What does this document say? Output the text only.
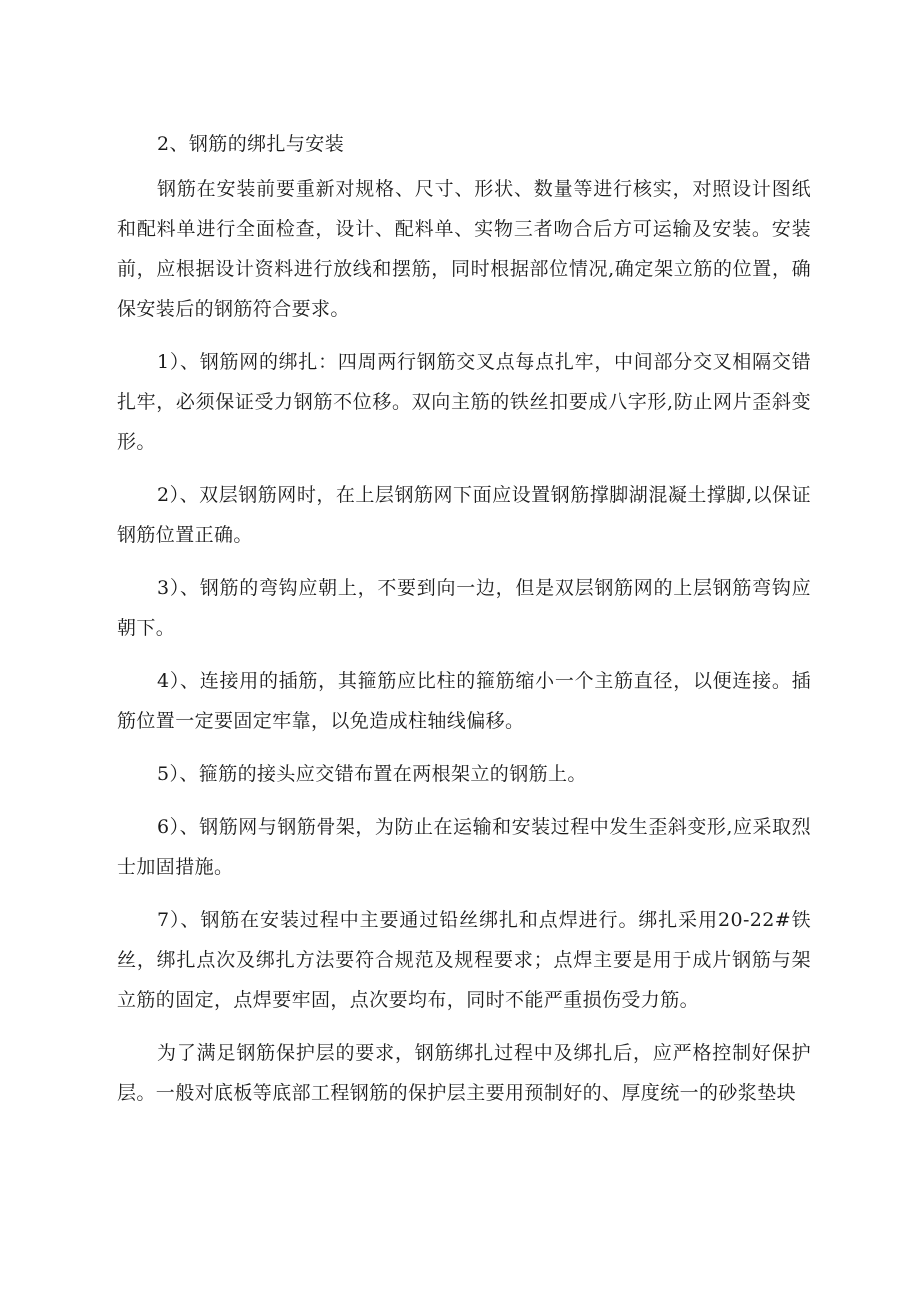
2、钢筋的绑扎与安装

钢筋在安装前要重新对规格、尺寸、形状、数量等进行核实，对照设计图纸和配料单进行全面检查，设计、配料单、实物三者吻合后方可运输及安装。安装前，应根据设计资料进行放线和摆筋，同时根据部位情况,确定架立筋的位置，确保安装后的钢筋符合要求。

1）、钢筋网的绑扎：四周两行钢筋交叉点每点扎牢，中间部分交叉相隔交错扎牢，必须保证受力钢筋不位移。双向主筋的铁丝扣要成八字形,防止网片歪斜变形。

2）、双层钢筋网时，在上层钢筋网下面应设置钢筋撑脚湖混凝土撑脚,以保证钢筋位置正确。

3）、钢筋的弯钩应朝上，不要到向一边，但是双层钢筋网的上层钢筋弯钩应朝下。

4）、连接用的插筋，其箍筋应比柱的箍筋缩小一个主筋直径，以便连接。插筋位置一定要固定牢靠，以免造成柱轴线偏移。

5）、箍筋的接头应交错布置在两根架立的钢筋上。

6）、钢筋网与钢筋骨架，为防止在运输和安装过程中发生歪斜变形,应采取烈士加固措施。

7）、钢筋在安装过程中主要通过铅丝绑扎和点焊进行。绑扎采用20-22#铁丝，绑扎点次及绑扎方法要符合规范及规程要求；点焊主要是用于成片钢筋与架立筋的固定，点焊要牢固，点次要均布，同时不能严重损伤受力筋。

为了满足钢筋保护层的要求，钢筋绑扎过程中及绑扎后，应严格控制好保护层。一般对底板等底部工程钢筋的保护层主要用预制好的、厚度统一的砂浆垫块
